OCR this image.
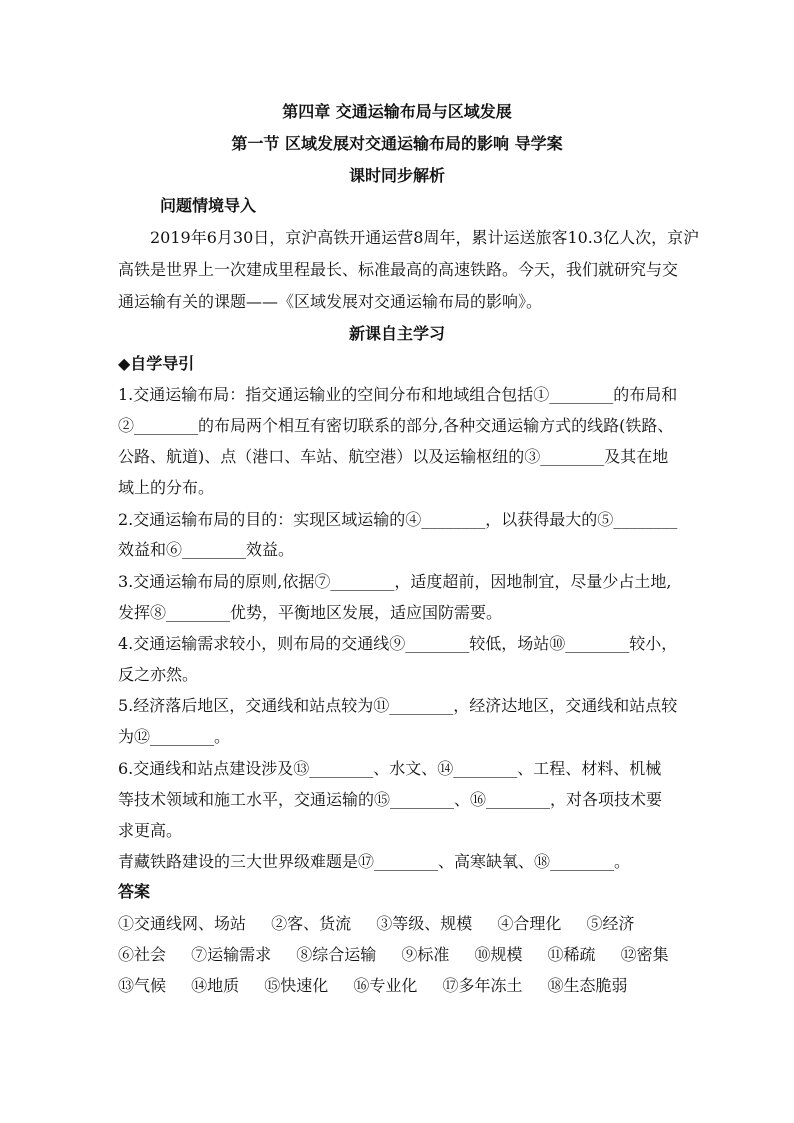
第四章 交通运输布局与区域发展
第一节 区域发展对交通运输布局的影响 导学案
课时同步解析
问题情境导入
2019年6月30日，京沪高铁开通运营8周年，累计运送旅客10.3亿人次，京沪
高铁是世界上一次建成里程最长、标准最高的高速铁路。今天，我们就研究与交
通运输有关的课题——《区域发展对交通运输布局的影响》。
新课自主学习
◆自学导引
1.交通运输布局：指交通运输业的空间分布和地域组合包括①________的布局和
②________的布局两个相互有密切联系的部分,各种交通运输方式的线路(铁路、
公路、航道)、点（港口、车站、航空港）以及运输枢纽的③________及其在地
域上的分布。
2.交通运输布局的目的：实现区域运输的④________，以获得最大的⑤________
效益和⑥________效益。
3.交通运输布局的原则,依据⑦________，适度超前，因地制宜，尽量少占土地,
发挥⑧________优势，平衡地区发展，适应国防需要。
4.交通运输需求较小，则布局的交通线⑨________较低，场站⑩________较小，
反之亦然。
5.经济落后地区，交通线和站点较为⑪________，经济达地区，交通线和站点较
为⑫________。
6.交通线和站点建设涉及⑬________、水文、⑭________、工程、材料、机械
等技术领域和施工水平，交通运输的⑮________、⑯________，对各项技术要
求更高。
青藏铁路建设的三大世界级难题是⑰________、高寒缺氧、⑱________。
答案
①交通线网、场站 ②客、货流 ③等级、规模 ④合理化 ⑤经济
⑥社会 ⑦运输需求 ⑧综合运输 ⑨标准 ⑩规模 ⑪稀疏 ⑫密集
⑬气候 ⑭地质 ⑮快速化 ⑯专业化 ⑰多年冻土 ⑱生态脆弱
